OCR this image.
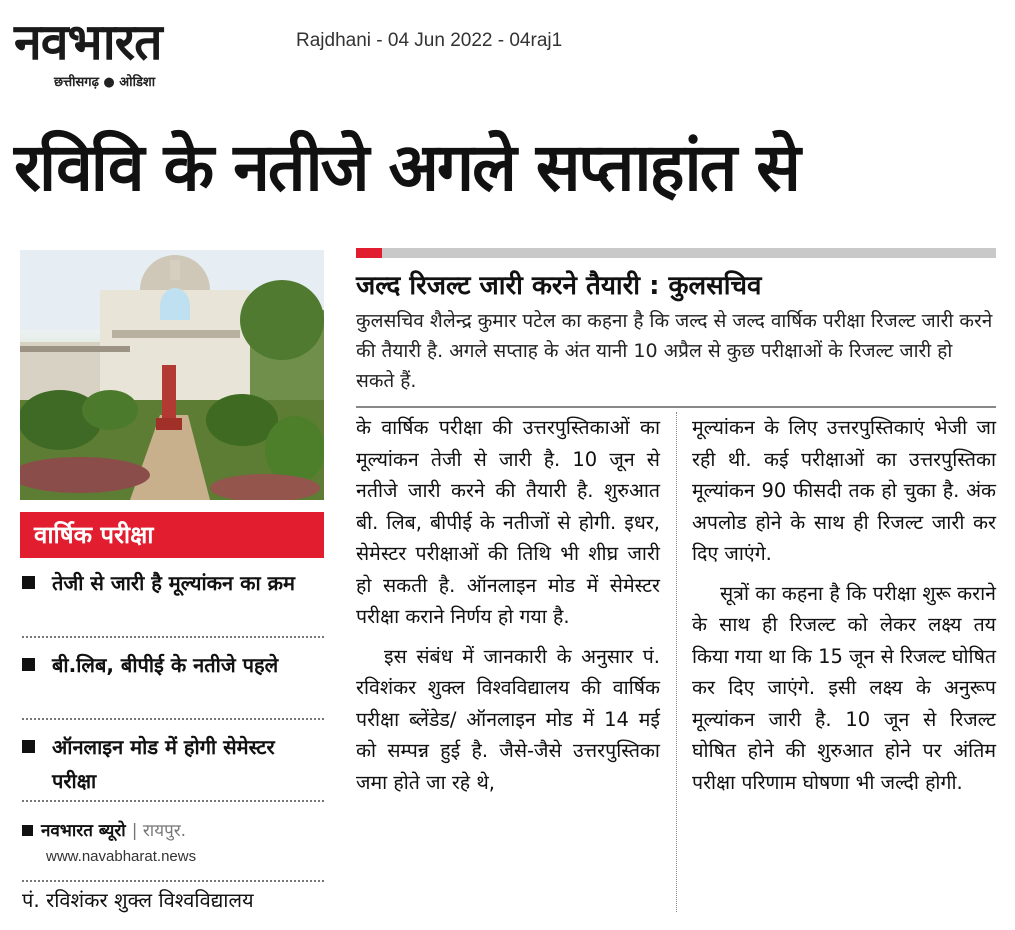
नवभारत
छत्तीसगढ़ ● ओडिशा
Rajdhani - 04 Jun 2022 - 04raj1
रविवि के नतीजे अगले सप्ताहांत से
वार्षिक परीक्षा
तेजी से जारी है मूल्यांकन का क्रम
बी.लिब, बीपीई के नतीजे पहले
ऑनलाइन मोड में होगी सेमेस्टर परीक्षा
नवभारत ब्यूरो | रायपुर.
www.navabharat.news
पं. रविशंकर शुक्ल विश्वविद्यालय
जल्द रिजल्ट जारी करने तैयारी : कुलसचिव
कुलसचिव शैलेन्द्र कुमार पटेल का कहना है कि जल्द से जल्द वार्षिक परीक्षा रिजल्ट जारी करने की तैयारी है. अगले सप्ताह के अंत यानी 10 अप्रैल से कुछ परीक्षाओं के रिजल्ट जारी हो सकते हैं.

के वार्षिक परीक्षा की उत्तरपुस्तिकाओं का मूल्यांकन तेजी से जारी है. 10 जून से नतीजे जारी करने की तैयारी है. शुरुआत बी. लिब, बीपीई के नतीजों से होगी. इधर, सेमेस्टर परीक्षाओं की तिथि भी शीघ्र जारी हो सकती है. ऑनलाइन मोड में सेमेस्टर परीक्षा कराने निर्णय हो गया है.

इस संबंध में जानकारी के अनुसार पं. रविशंकर शुक्ल विश्वविद्यालय की वार्षिक परीक्षा ब्लेंडेड/ ऑनलाइन मोड में 14 मई को सम्पन्न हुई है. जैसे-जैसे उत्तरपुस्तिका जमा होते जा रहे थे,

मूल्यांकन के लिए उत्तरपुस्तिकाएं भेजी जा रही थी. कई परीक्षाओं का उत्तरपुस्तिका मूल्यांकन 90 फीसदी तक हो चुका है. अंक अपलोड होने के साथ ही रिजल्ट जारी कर दिए जाएंगे.

सूत्रों का कहना है कि परीक्षा शुरू कराने के साथ ही रिजल्ट को लेकर लक्ष्य तय किया गया था कि 15 जून से रिजल्ट घोषित कर दिए जाएंगे. इसी लक्ष्य के अनुरूप मूल्यांकन जारी है. 10 जून से रिजल्ट घोषित होने की शुरुआत होने पर अंतिम परीक्षा परिणाम घोषणा भी जल्दी होगी.
